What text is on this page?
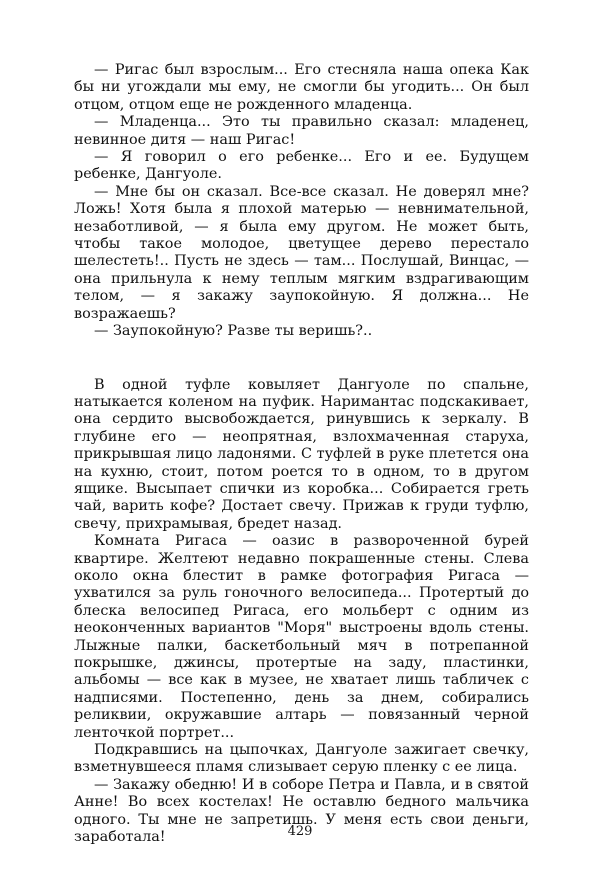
— Ригас был взрослым... Его стесняла наша опека Как бы ни угождали мы ему, не смогли бы угодить... Он был отцом, отцом еще не рожденного младенца.

— Младенца... Это ты правильно сказал: младенец, невинное дитя — наш Ригас!

— Я говорил о его ребенке... Его и ее. Будущем ребенке, Дангуоле.

— Мне бы он сказал. Все-все сказал. Не доверял мне? Ложь! Хотя была я плохой матерью — невнимательной, незаботливой, — я была ему другом. Не может быть, чтобы такое молодое, цветущее дерево перестало шелестеть!.. Пусть не здесь — там... Послушай, Винцас, — она прильнула к нему теплым мягким вздрагивающим телом, — я закажу заупокойную. Я должна... Не возражаешь?

— Заупокойную? Разве ты веришь?..

В одной туфле ковыляет Дангуоле по спальне, натыкается коленом на пуфик. Наримантас подскакивает, она сердито высвобождается, ринувшись к зеркалу. В глубине его — неопрятная, взлохмаченная старуха, прикрывшая лицо ладонями. С туфлей в руке плетется она на кухню, стоит, потом роется то в одном, то в другом ящике. Высыпает спички из коробка... Собирается греть чай, варить кофе? Достает свечу. Прижав к груди туфлю, свечу, прихрамывая, бредет назад.

Комната Ригаса — оазис в развороченной бурей квартире. Желтеют недавно покрашенные стены. Слева около окна блестит в рамке фотография Ригаса — ухватился за руль гоночного велосипеда... Протертый до блеска велосипед Ригаса, его мольберт с одним из неоконченных вариантов "Моря" выстроены вдоль стены. Лыжные палки, баскетбольный мяч в потрепанной покрышке, джинсы, протертые на заду, пластинки, альбомы — все как в музее, не хватает лишь табличек с надписями. Постепенно, день за днем, собирались реликвии, окружавшие алтарь — повязанный черной ленточкой портрет...

Подкравшись на цыпочках, Дангуоле зажигает свечку, взметнувшееся пламя слизывает серую пленку с ее лица.

— Закажу обедню! И в соборе Петра и Павла, и в святой Анне! Во всех костелах! Не оставлю бедного мальчика одного. Ты мне не запретишь. У меня есть свои деньги, заработала!	429
